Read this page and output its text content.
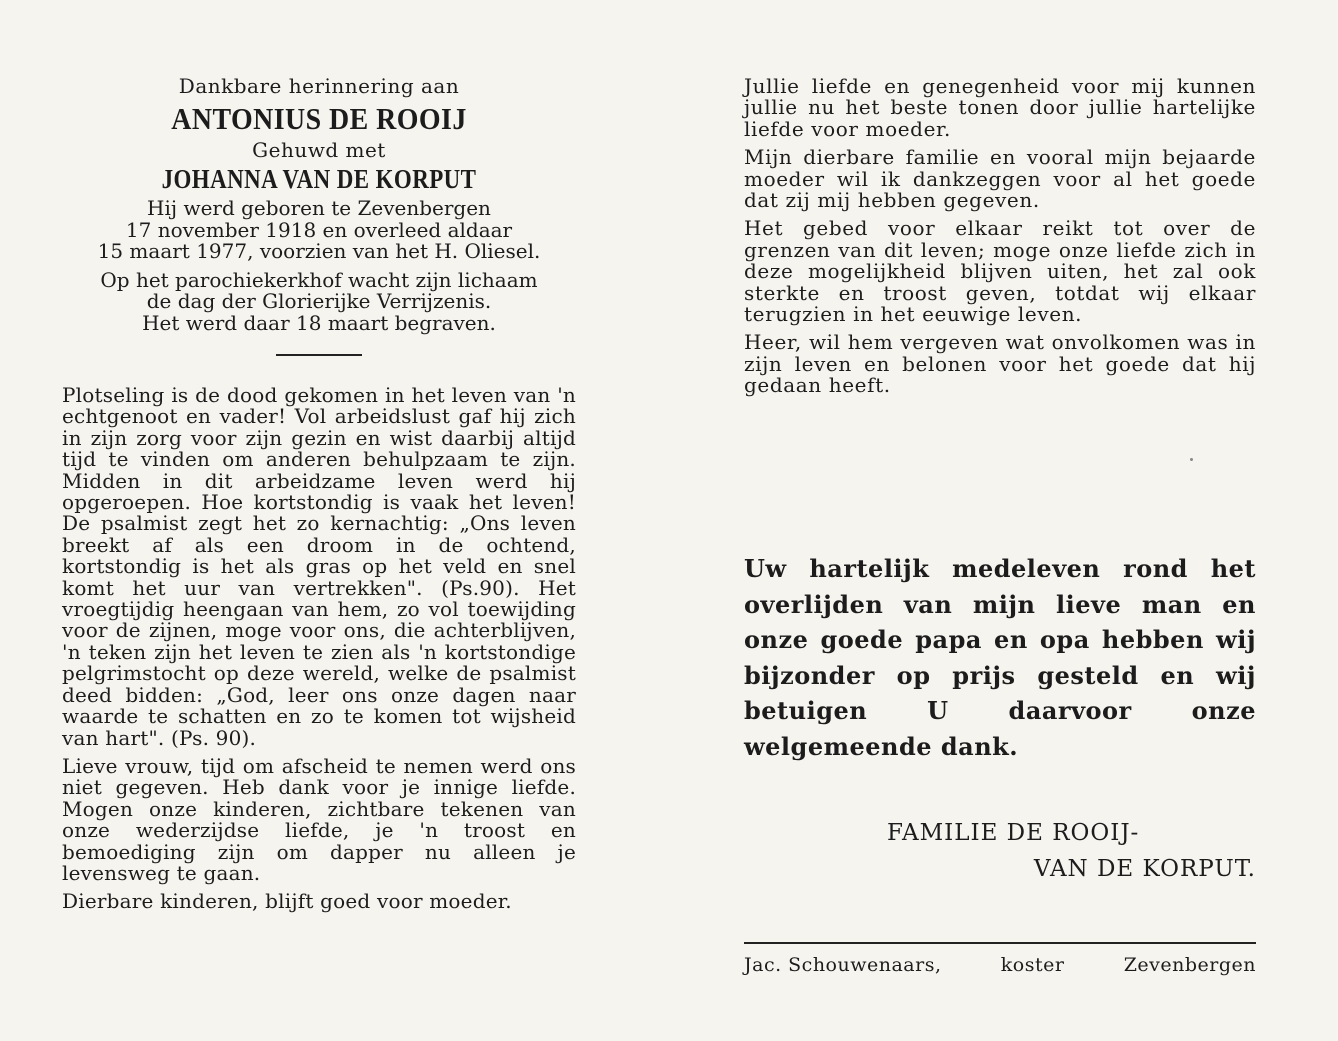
Dankbare herinnering aan
ANTONIUS DE ROOIJ
Gehuwd met
JOHANNA VAN DE KORPUT

Hij werd geboren te Zevenbergen

17 november 1918 en overleed aldaar

15 maart 1977, voorzien van het H. Oliesel.

Op het parochiekerkhof wacht zijn lichaam

de dag der Glorierijke Verrijzenis.

Het werd daar 18 maart begraven.

Plotseling is de dood gekomen in het leven van 'n echtgenoot en vader! Vol arbeidslust gaf hij zich in zijn zorg voor zijn gezin en wist daarbij altijd tijd te vinden om anderen behulpzaam te zijn. Midden in dit arbeidzame leven werd hij opgeroepen. Hoe kortstondig is vaak het leven! De psalmist zegt het zo kernachtig: „Ons leven breekt af als een droom in de ochtend, kortstondig is het als gras op het veld en snel komt het uur van vertrekken". (Ps.90). Het vroegtijdig heengaan van hem, zo vol toewijding voor de zijnen, moge voor ons, die achterblijven, 'n teken zijn het leven te zien als 'n kortstondige pelgrimstocht op deze wereld, welke de psalmist deed bidden: „God, leer ons onze dagen naar waarde te schatten en zo te komen tot wijsheid van hart". (Ps. 90).

Lieve vrouw, tijd om afscheid te nemen werd ons niet gegeven. Heb dank voor je innige liefde. Mogen onze kinderen, zichtbare tekenen van onze wederzijdse liefde, je 'n troost en bemoediging zijn om dapper nu alleen je levensweg te gaan.

Dierbare kinderen, blijft goed voor moeder.

Jullie liefde en genegenheid voor mij kunnen jullie nu het beste tonen door jullie hartelijke liefde voor moeder.

Mijn dierbare familie en vooral mijn bejaarde moeder wil ik dankzeggen voor al het goede dat zij mij hebben gegeven.

Het gebed voor elkaar reikt tot over de grenzen van dit leven; moge onze liefde zich in deze mogelijkheid blijven uiten, het zal ook sterkte en troost geven, totdat wij elkaar terugzien in het eeuwige leven.

Heer, wil hem vergeven wat onvolkomen was in zijn leven en belonen voor het goede dat hij gedaan heeft.

Uw hartelijk medeleven rond het overlijden van mijn lieve man en onze goede papa en opa hebben wij bijzonder op prijs gesteld en wij betuigen U daarvoor onze welgemeende dank.

FAMILIE DE ROOIJ-
VAN DE KORPUT.
Jac. Schouwenaars,	koster	Zevenbergen
